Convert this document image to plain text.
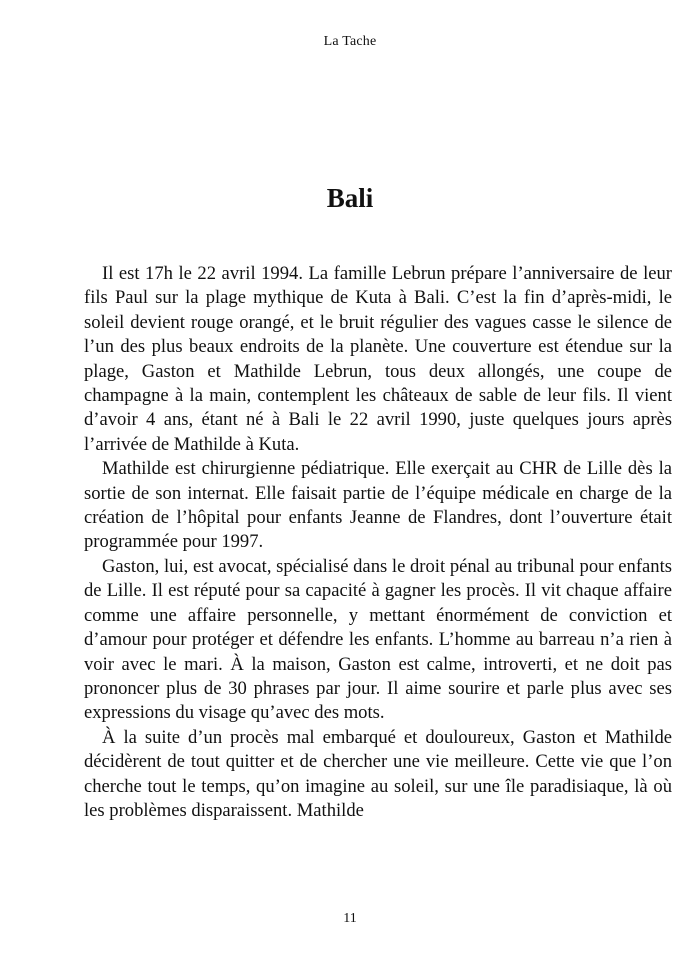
La Tache
Bali

Il est 17h le 22 avril 1994. La famille Lebrun prépare l’anniversaire de leur fils Paul sur la plage mythique de Kuta à Bali. C’est la fin d’après-midi, le soleil devient rouge orangé, et le bruit régulier des vagues casse le silence de l’un des plus beaux endroits de la planète. Une couverture est étendue sur la plage, Gaston et Mathilde Lebrun, tous deux allongés, une coupe de champagne à la main, contemplent les châteaux de sable de leur fils. Il vient d’avoir 4 ans, étant né à Bali le 22 avril 1990, juste quelques jours après l’arrivée de Mathilde à Kuta.

Mathilde est chirurgienne pédiatrique. Elle exerçait au CHR de Lille dès la sortie de son internat. Elle faisait partie de l’équipe médicale en charge de la création de l’hôpital pour enfants Jeanne de Flandres, dont l’ouverture était programmée pour 1997.

Gaston, lui, est avocat, spécialisé dans le droit pénal au tribunal pour enfants de Lille. Il est réputé pour sa capacité à gagner les procès. Il vit chaque affaire comme une affaire personnelle, y mettant énormément de conviction et d’amour pour protéger et défendre les enfants. L’homme au barreau n’a rien à voir avec le mari. À la maison, Gaston est calme, introverti, et ne doit pas prononcer plus de 30 phrases par jour. Il aime sourire et parle plus avec ses expressions du visage qu’avec des mots.

À la suite d’un procès mal embarqué et douloureux, Gaston et Mathilde décidèrent de tout quitter et de chercher une vie meilleure. Cette vie que l’on cherche tout le temps, qu’on imagine au soleil, sur une île paradisiaque, là où les problèmes disparaissent. Mathilde

11
